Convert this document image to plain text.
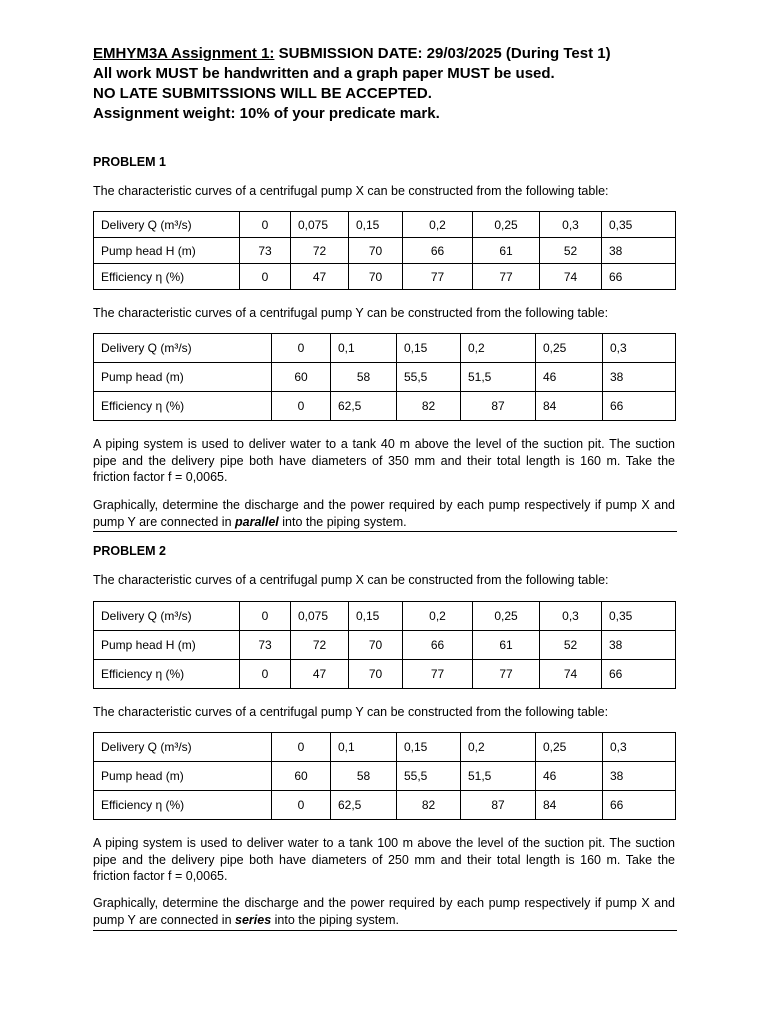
EMHYM3A Assignment 1: SUBMISSION DATE: 29/03/2025 (During Test 1)
All work MUST be handwritten and a graph paper MUST be used.
NO LATE SUBMITSSIONS WILL BE ACCEPTED.
Assignment weight: 10% of your predicate mark.
PROBLEM 1
The characteristic curves of a centrifugal pump X can be constructed from the following table:
Delivery Q (m³/s)	0	0,075	0,15	0,2	0,25	0,3	0,35
Pump head H (m)	73	72	70	66	61	52	38
Efficiency η (%)	0	47	70	77	77	74	66
The characteristic curves of a centrifugal pump Y can be constructed from the following table:
Delivery Q (m³/s)	0	0,1	0,15	0,2	0,25	0,3
Pump head (m)	60	58	55,5	51,5	46	38
Efficiency η (%)	0	62,5	82	87	84	66
A piping system is used to deliver water to a tank 40 m above the level of the suction pit. The suction pipe and the delivery pipe both have diameters of 350 mm and their total length is 160 m. Take the friction factor f = 0,0065.
Graphically, determine the discharge and the power required by each pump respectively if pump X and pump Y are connected in parallel into the piping system.
PROBLEM 2
The characteristic curves of a centrifugal pump X can be constructed from the following table:
Delivery Q (m³/s)	0	0,075	0,15	0,2	0,25	0,3	0,35
Pump head H (m)	73	72	70	66	61	52	38
Efficiency η (%)	0	47	70	77	77	74	66
The characteristic curves of a centrifugal pump Y can be constructed from the following table:
Delivery Q (m³/s)	0	0,1	0,15	0,2	0,25	0,3
Pump head (m)	60	58	55,5	51,5	46	38
Efficiency η (%)	0	62,5	82	87	84	66
A piping system is used to deliver water to a tank 100 m above the level of the suction pit. The suction pipe and the delivery pipe both have diameters of 250 mm and their total length is 160 m. Take the friction factor f = 0,0065.
Graphically, determine the discharge and the power required by each pump respectively if pump X and pump Y are connected in series into the piping system.
